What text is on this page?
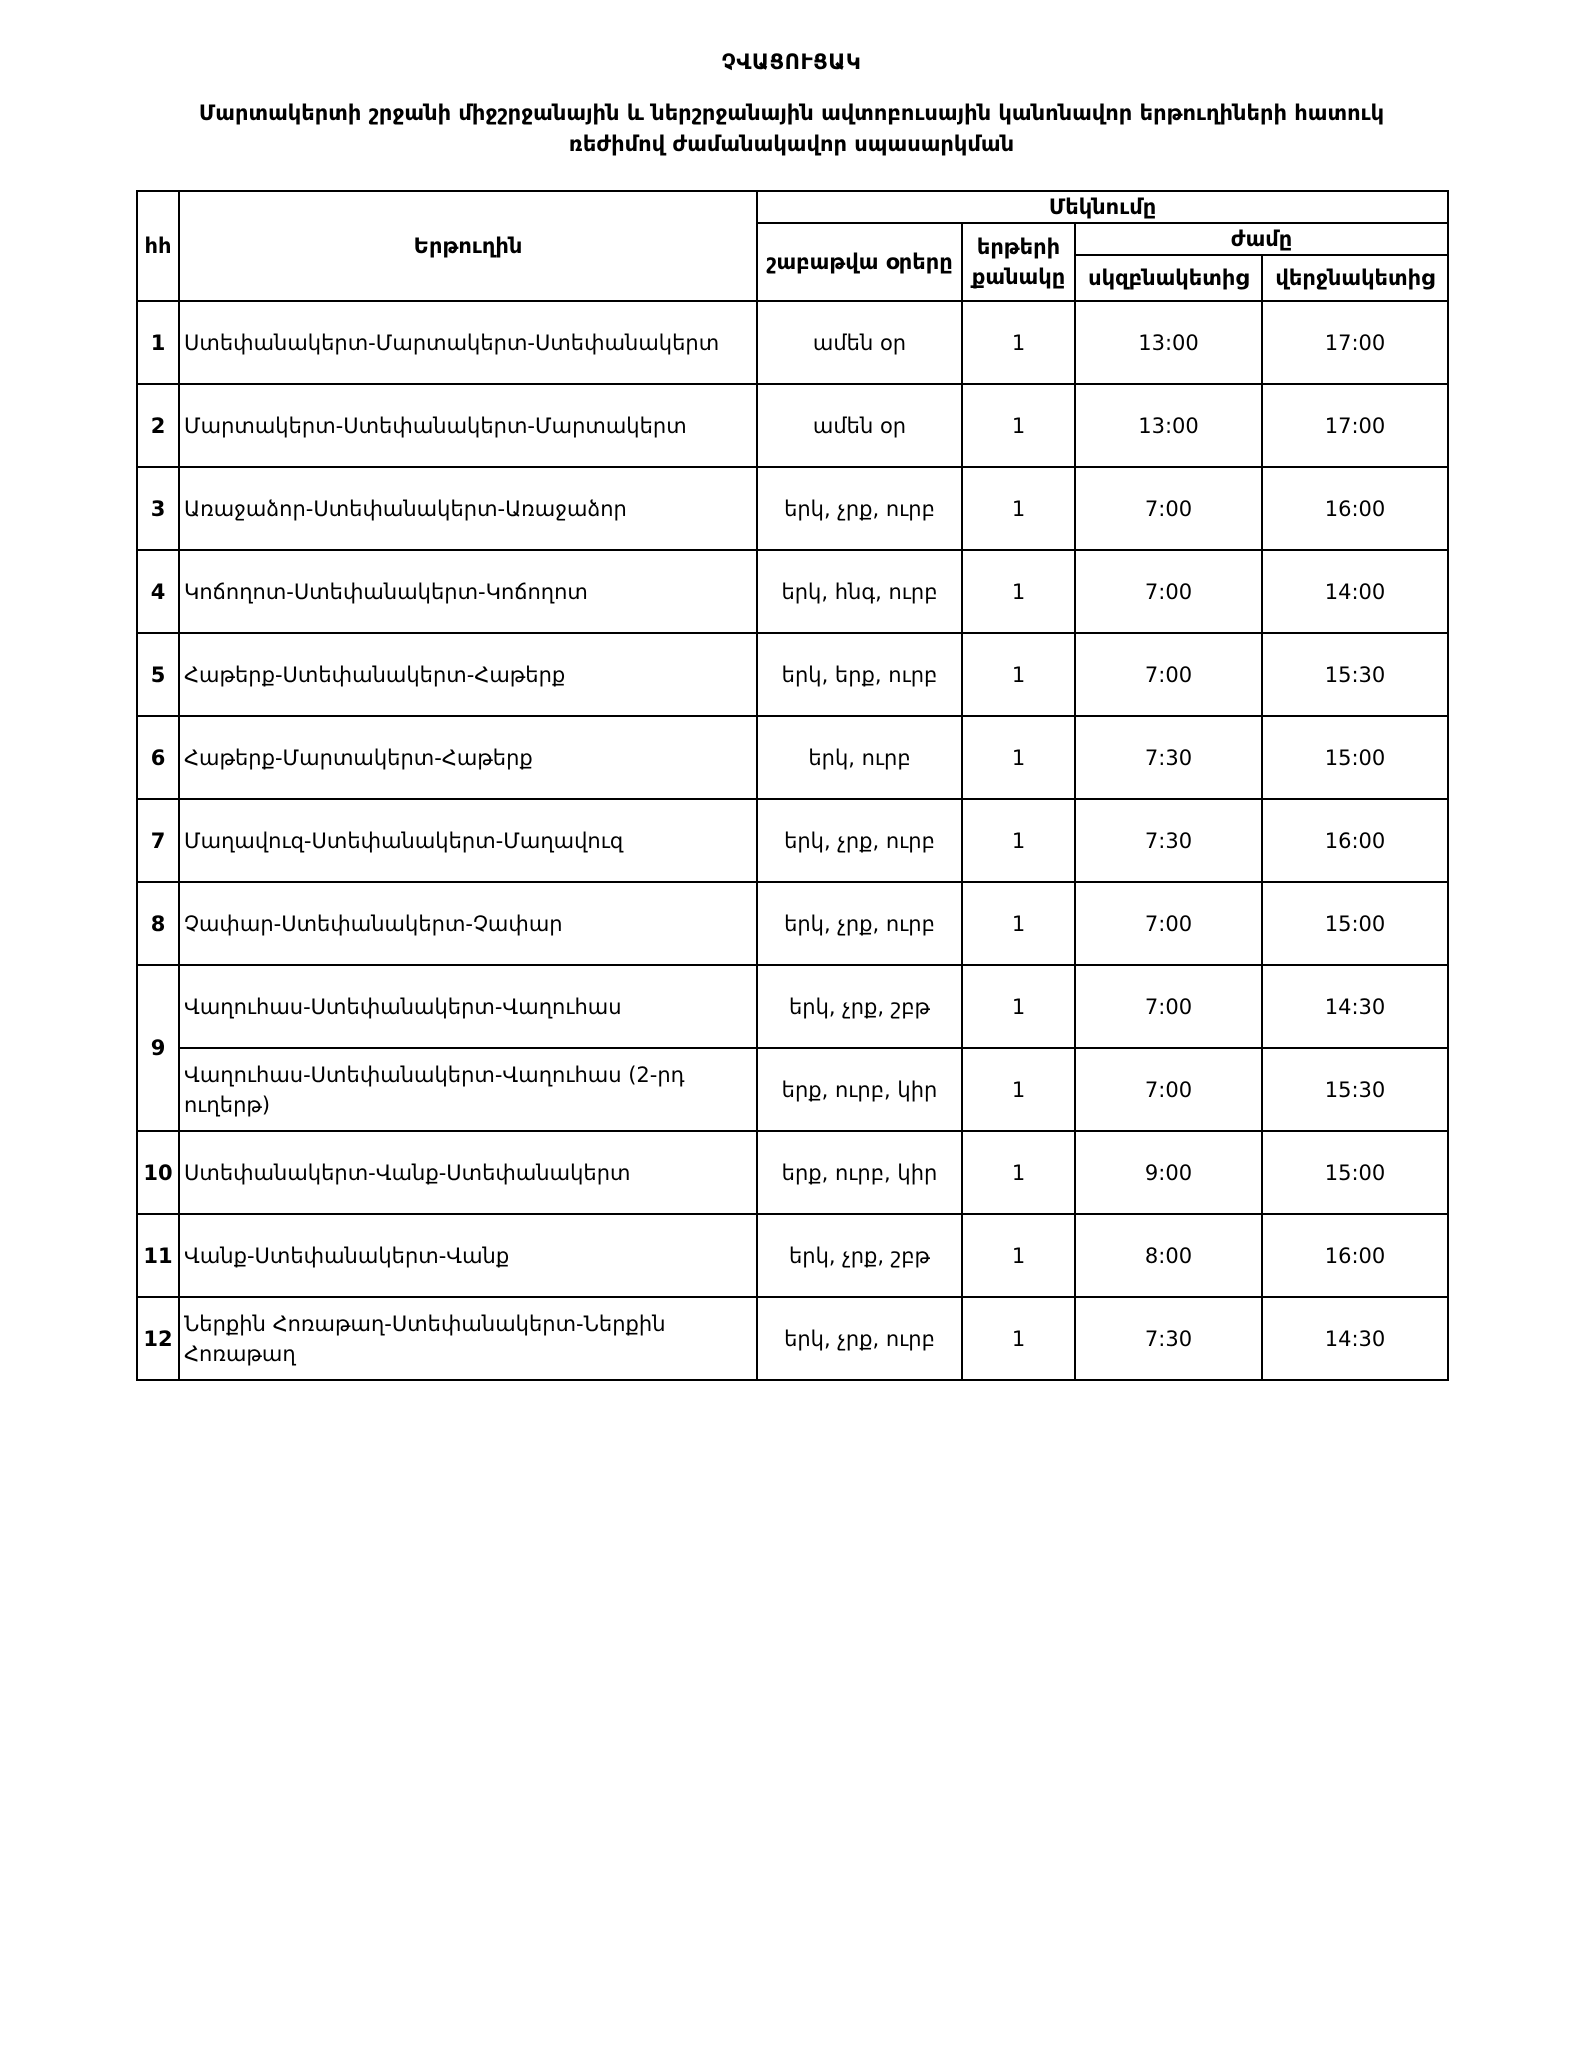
ՉՎԱՑՈՒՑԱԿ
Մարտակերտի շրջանի միջշրջանային և ներշրջանային ավտոբուսային կանոնավոր երթուղիների հատուկ
ռեժիմով ժամանակավոր սպասարկման
հհ	Երթուղին	Մեկնումը			
		շաբաթվա օրերը	երթերի քանակը	ժամը	
				սկզբնակետից	վերջնակետից
1	Ստեփանակերտ-Մարտակերտ-Ստեփանակերտ	ամեն օր	1	13:00	17:00
2	Մարտակերտ-Ստեփանակերտ-Մարտակերտ	ամեն օր	1	13:00	17:00
3	Առաջաձոր-Ստեփանակերտ-Առաջաձոր	երկ, չրք, ուրբ	1	7:00	16:00
4	Կոճողոտ-Ստեփանակերտ-Կոճողոտ	երկ, հնգ, ուրբ	1	7:00	14:00
5	Հաթերք-Ստեփանակերտ-Հաթերք	երկ, երք, ուրբ	1	7:00	15:30
6	Հաթերք-Մարտակերտ-Հաթերք	երկ, ուրբ	1	7:30	15:00
7	Մաղավուզ-Ստեփանակերտ-Մաղավուզ	երկ, չրք, ուրբ	1	7:30	16:00
8	Չափար-Ստեփանակերտ-Չափար	երկ, չրք, ուրբ	1	7:00	15:00
9	Վաղուհաս-Ստեփանակերտ-Վաղուհաս	երկ, չրք, շբթ	1	7:00	14:30
	Վաղուհաս-Ստեփանակերտ-Վաղուհաս (2-րդ ուղերթ)	երք, ուրբ, կիր	1	7:00	15:30
10	Ստեփանակերտ-Վանք-Ստեփանակերտ	երք, ուրբ, կիր	1	9:00	15:00
11	Վանք-Ստեփանակերտ-Վանք	երկ, չրք, շբթ	1	8:00	16:00
12	Ներքին Հոռաթաղ-Ստեփանակերտ-Ներքին Հոռաթաղ	երկ, չրք, ուրբ	1	7:30	14:30
